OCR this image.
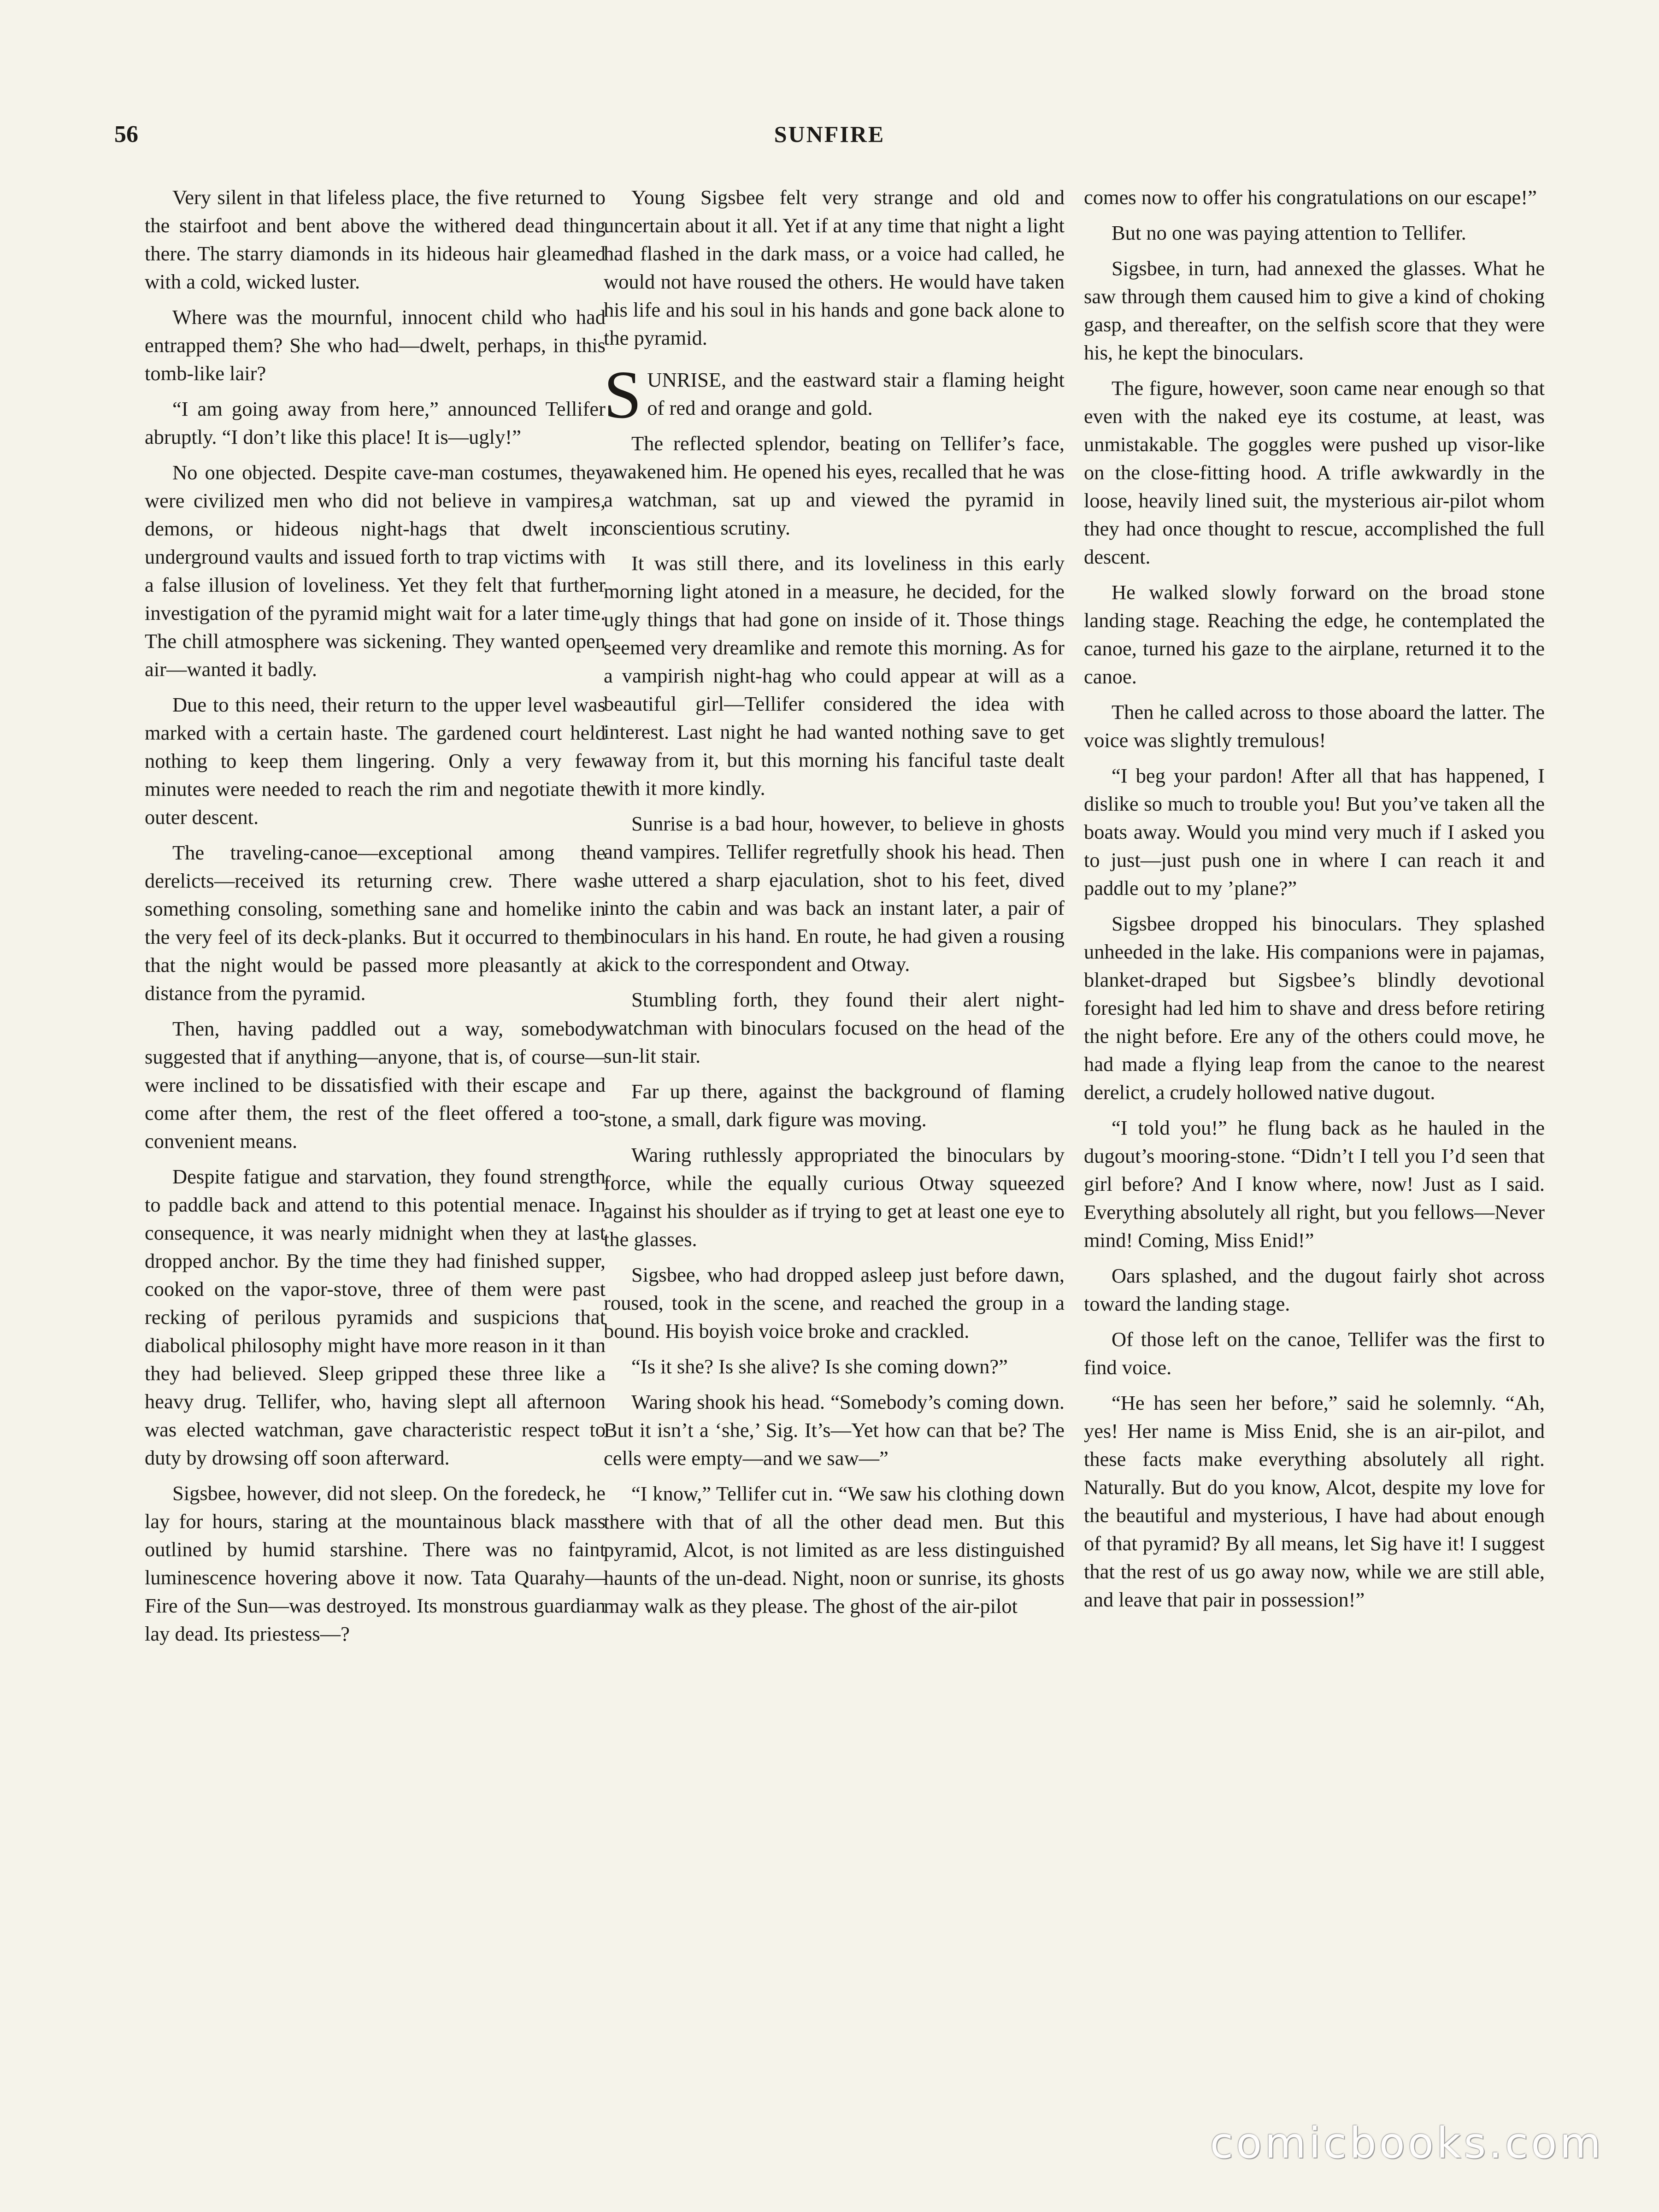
56	SUNFIRE

Very silent in that lifeless place, the five returned to the stairfoot and bent above the withered dead thing there. The starry diamonds in its hideous hair gleamed with a cold, wicked luster.

Where was the mournful, innocent child who had entrapped them? She who had—dwelt, perhaps, in this tomb-like lair?

“I am going away from here,” announced Tellifer abruptly. “I don’t like this place! It is—ugly!”

No one objected. Despite cave-man costumes, they were civilized men who did not believe in vampires, demons, or hideous night-hags that dwelt in underground vaults and issued forth to trap victims with a false illusion of loveliness. Yet they felt that further investigation of the pyramid might wait for a later time. The chill atmosphere was sickening. They wanted open air—wanted it badly.

Due to this need, their return to the upper level was marked with a certain haste. The gardened court held nothing to keep them lingering. Only a very few minutes were needed to reach the rim and negotiate the outer descent.

The traveling-canoe—exceptional among the derelicts—received its returning crew. There was something consoling, something sane and homelike in the very feel of its deck-planks. But it occurred to them that the night would be passed more pleasantly at a distance from the pyramid.

Then, having paddled out a way, somebody suggested that if anything—anyone, that is, of course—were inclined to be dissatisfied with their escape and come after them, the rest of the fleet offered a too-convenient means.

Despite fatigue and starvation, they found strength to paddle back and attend to this potential menace. In consequence, it was nearly midnight when they at last dropped anchor. By the time they had finished supper, cooked on the vapor-stove, three of them were past recking of perilous pyramids and suspicions that diabolical philosophy might have more reason in it than they had believed. Sleep gripped these three like a heavy drug. Tellifer, who, having slept all afternoon was elected watchman, gave characteristic respect to duty by drowsing off soon afterward.

Sigsbee, however, did not sleep. On the foredeck, he lay for hours, staring at the mountainous black mass outlined by humid starshine. There was no faint luminescence hovering above it now. Tata Quarahy—Fire of the Sun—was destroyed. Its monstrous guardian lay dead. Its priestess—?

Young Sigsbee felt very strange and old and uncertain about it all. Yet if at any time that night a light had flashed in the dark mass, or a voice had called, he would not have roused the others. He would have taken his life and his soul in his hands and gone back alone to the pyramid.

SUNRISE, and the eastward stair a flaming height of red and orange and gold.

The reflected splendor, beating on Tellifer’s face, awakened him. He opened his eyes, recalled that he was a watchman, sat up and viewed the pyramid in conscientious scrutiny.

It was still there, and its loveliness in this early morning light atoned in a measure, he decided, for the ugly things that had gone on inside of it. Those things seemed very dreamlike and remote this morning. As for a vampirish night-hag who could appear at will as a beautiful girl—Tellifer considered the idea with interest. Last night he had wanted nothing save to get away from it, but this morning his fanciful taste dealt with it more kindly.

Sunrise is a bad hour, however, to believe in ghosts and vampires. Tellifer regretfully shook his head. Then he uttered a sharp ejaculation, shot to his feet, dived into the cabin and was back an instant later, a pair of binoculars in his hand. En route, he had given a rousing kick to the correspondent and Otway.

Stumbling forth, they found their alert night-watchman with binoculars focused on the head of the sun-lit stair.

Far up there, against the background of flaming stone, a small, dark figure was moving.

Waring ruthlessly appropriated the binoculars by force, while the equally curious Otway squeezed against his shoulder as if trying to get at least one eye to the glasses.

Sigsbee, who had dropped asleep just before dawn, roused, took in the scene, and reached the group in a bound. His boyish voice broke and crackled.

“Is it she? Is she alive? Is she coming down?”

Waring shook his head. “Somebody’s coming down. But it isn’t a ‘she,’ Sig. It’s—Yet how can that be? The cells were empty—and we saw—”

“I know,” Tellifer cut in. “We saw his clothing down there with that of all the other dead men. But this pyramid, Alcot, is not limited as are less distinguished haunts of the un-dead. Night, noon or sunrise, its ghosts may walk as they please. The ghost of the air-pilot

comes now to offer his congratulations on our escape!”

But no one was paying attention to Tellifer.

Sigsbee, in turn, had annexed the glasses. What he saw through them caused him to give a kind of choking gasp, and thereafter, on the selfish score that they were his, he kept the binoculars.

The figure, however, soon came near enough so that even with the naked eye its costume, at least, was unmistakable. The goggles were pushed up visor-like on the close-fitting hood. A trifle awkwardly in the loose, heavily lined suit, the mysterious air-pilot whom they had once thought to rescue, accomplished the full descent.

He walked slowly forward on the broad stone landing stage. Reaching the edge, he contemplated the canoe, turned his gaze to the airplane, returned it to the canoe.

Then he called across to those aboard the latter. The voice was slightly tremulous!

“I beg your pardon! After all that has happened, I dislike so much to trouble you! But you’ve taken all the boats away. Would you mind very much if I asked you to just—just push one in where I can reach it and paddle out to my ’plane?”

Sigsbee dropped his binoculars. They splashed unheeded in the lake. His companions were in pajamas, blanket-draped but Sigsbee’s blindly devotional foresight had led him to shave and dress before retiring the night before. Ere any of the others could move, he had made a flying leap from the canoe to the nearest derelict, a crudely hollowed native dugout.

“I told you!” he flung back as he hauled in the dugout’s mooring-stone. “Didn’t I tell you I’d seen that girl before? And I know where, now! Just as I said. Everything absolutely all right, but you fellows—Never mind! Coming, Miss Enid!”

Oars splashed, and the dugout fairly shot across toward the landing stage.

Of those left on the canoe, Tellifer was the first to find voice.

“He has seen her before,” said he solemnly. “Ah, yes! Her name is Miss Enid, she is an air-pilot, and these facts make everything absolutely all right. Naturally. But do you know, Alcot, despite my love for the beautiful and mysterious, I have had about enough of that pyramid? By all means, let Sig have it! I suggest that the rest of us go away now, while we are still able, and leave that pair in possession!”

comicbooks.com
